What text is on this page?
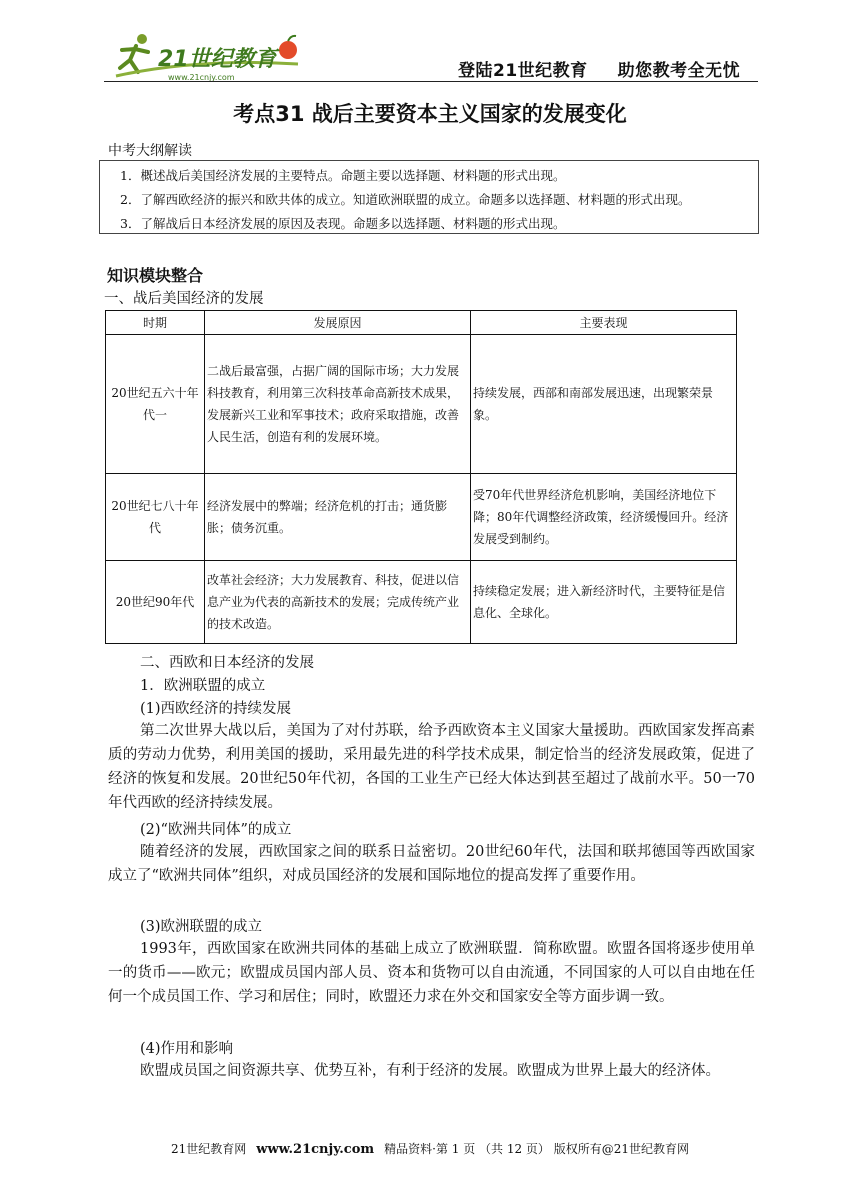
21世纪教育
www.21cnjy.com	登陆21世纪教育 助您教考全无忧
考点31 战后主要资本主义国家的发展变化
中考大纲解读
1．概述战后美国经济发展的主要特点。命题主要以选择题、材料题的形式出现。
2．了解西欧经济的振兴和欧共体的成立。知道欧洲联盟的成立。命题多以选择题、材料题的形式出现。
3．了解战后日本经济发展的原因及表现。命题多以选择题、材料题的形式出现。
知识模块整合
一、战后美国经济的发展
时期	发展原因	主要表现
20世纪五六十年代一	二战后最富强，占据广阔的国际市场；大力发展科技教育，利用第三次科技革命高新技术成果，发展新兴工业和军事技术；政府采取措施，改善人民生活，创造有利的发展环境。	持续发展，西部和南部发展迅速，出现繁荣景象。
20世纪七八十年代	经济发展中的弊端；经济危机的打击；通货膨胀；债务沉重。	受70年代世界经济危机影响，美国经济地位下降；80年代调整经济政策，经济缓慢回升。经济发展受到制约。
20世纪90年代	改革社会经济；大力发展教育、科技，促进以信息产业为代表的高新技术的发展；完成传统产业的技术改造。	持续稳定发展；进入新经济时代，主要特征是信息化、全球化。
二、西欧和日本经济的发展
1．欧洲联盟的成立
(1)西欧经济的持续发展
第二次世界大战以后，美国为了对付苏联，给予西欧资本主义国家大量援助。西欧国家发挥高素质的劳动力优势，利用美国的援助，采用最先进的科学技术成果，制定恰当的经济发展政策，促进了经济的恢复和发展。20世纪50年代初，各国的工业生产已经大体达到甚至超过了战前水平。50一70年代西欧的经济持续发展。
(2)“欧洲共同体”的成立
随着经济的发展，西欧国家之间的联系日益密切。20世纪60年代，法国和联邦德国等西欧国家成立了“欧洲共同体”组织，对成员国经济的发展和国际地位的提高发挥了重要作用。
(3)欧洲联盟的成立
1993年，西欧国家在欧洲共同体的基础上成立了欧洲联盟．简称欧盟。欧盟各国将逐步使用单一的货币——欧元；欧盟成员国内部人员、资本和货物可以自由流通，不同国家的人可以自由地在任何一个成员国工作、学习和居住；同时，欧盟还力求在外交和国家安全等方面步调一致。
(4)作用和影响
欧盟成员国之间资源共享、优势互补，有利于经济的发展。欧盟成为世界上最大的经济体。
21世纪教育网 www.21cnjy.com 精品资料·第 1 页 （共 12 页） 版权所有@21世纪教育网
